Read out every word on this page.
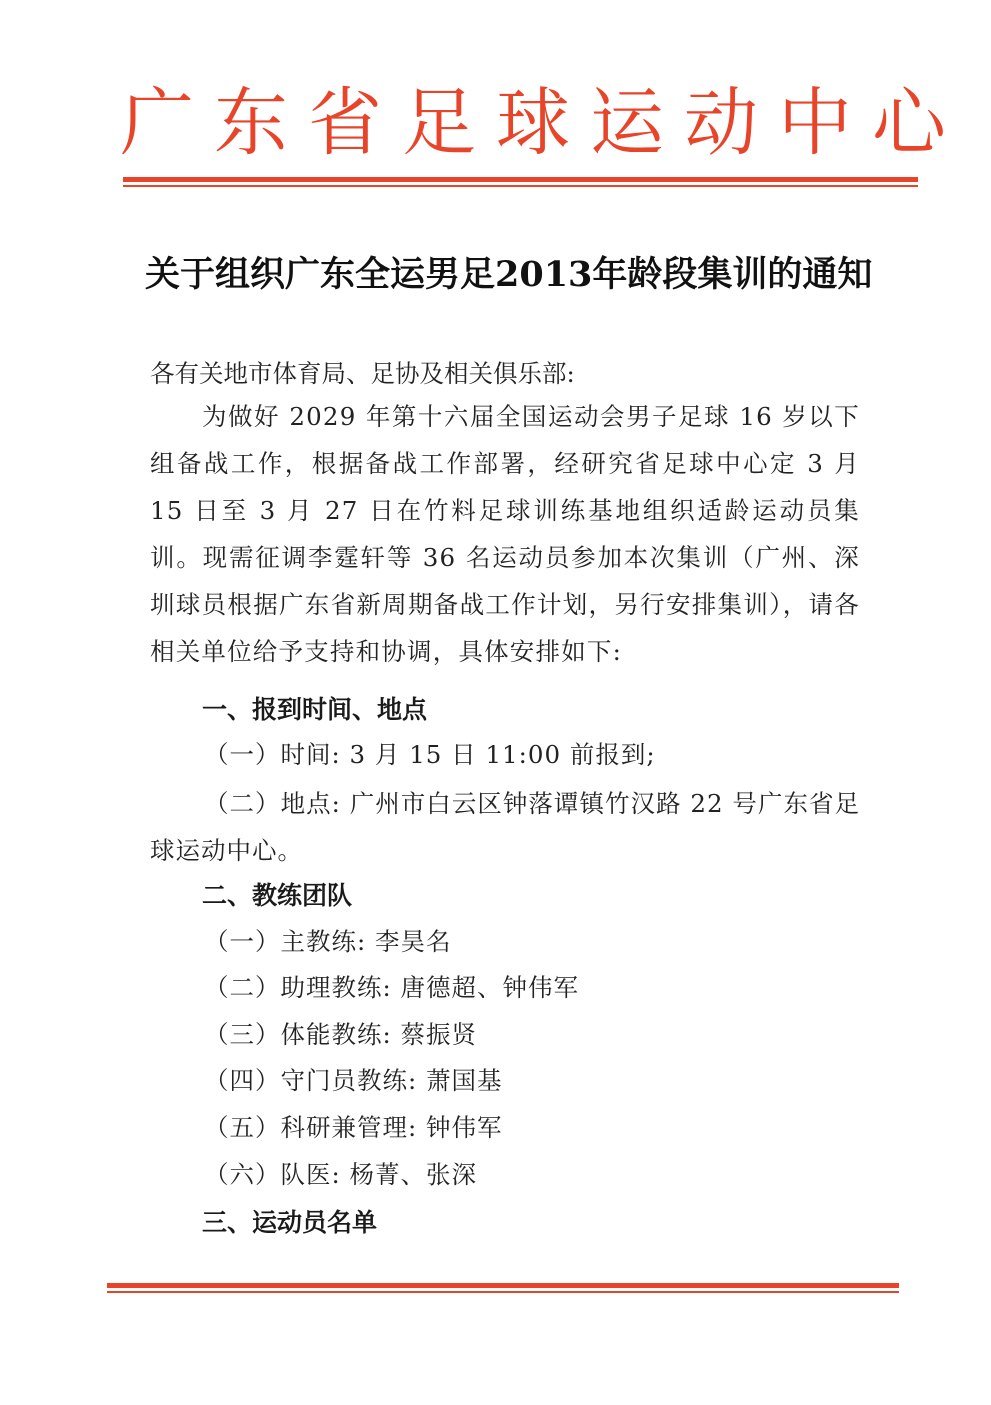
广东省足球运动中心
关于组织广东全运男足2013年龄段集训的通知
各有关地市体育局、足协及相关俱乐部:
为做好 2029 年第十六届全国运动会男子足球 16 岁以下组备战工作，根据备战工作部署，经研究省足球中心定 3 月 15 日至 3 月 27 日在竹料足球训练基地组织适龄运动员集训。现需征调李霆轩等 36 名运动员参加本次集训（广州、深圳球员根据广东省新周期备战工作计划，另行安排集训），请各相关单位给予支持和协调，具体安排如下:
一、报到时间、地点
（一）时间: 3 月 15 日 11:00 前报到;
（二）地点: 广州市白云区钟落谭镇竹汉路 22 号广东省足球运动中心。
二、教练团队
（一）主教练: 李昊名
（二）助理教练: 唐德超、钟伟军
（三）体能教练: 蔡振贤
（四）守门员教练: 萧国基
（五）科研兼管理: 钟伟军
（六）队医: 杨菁、张深
三、运动员名单
